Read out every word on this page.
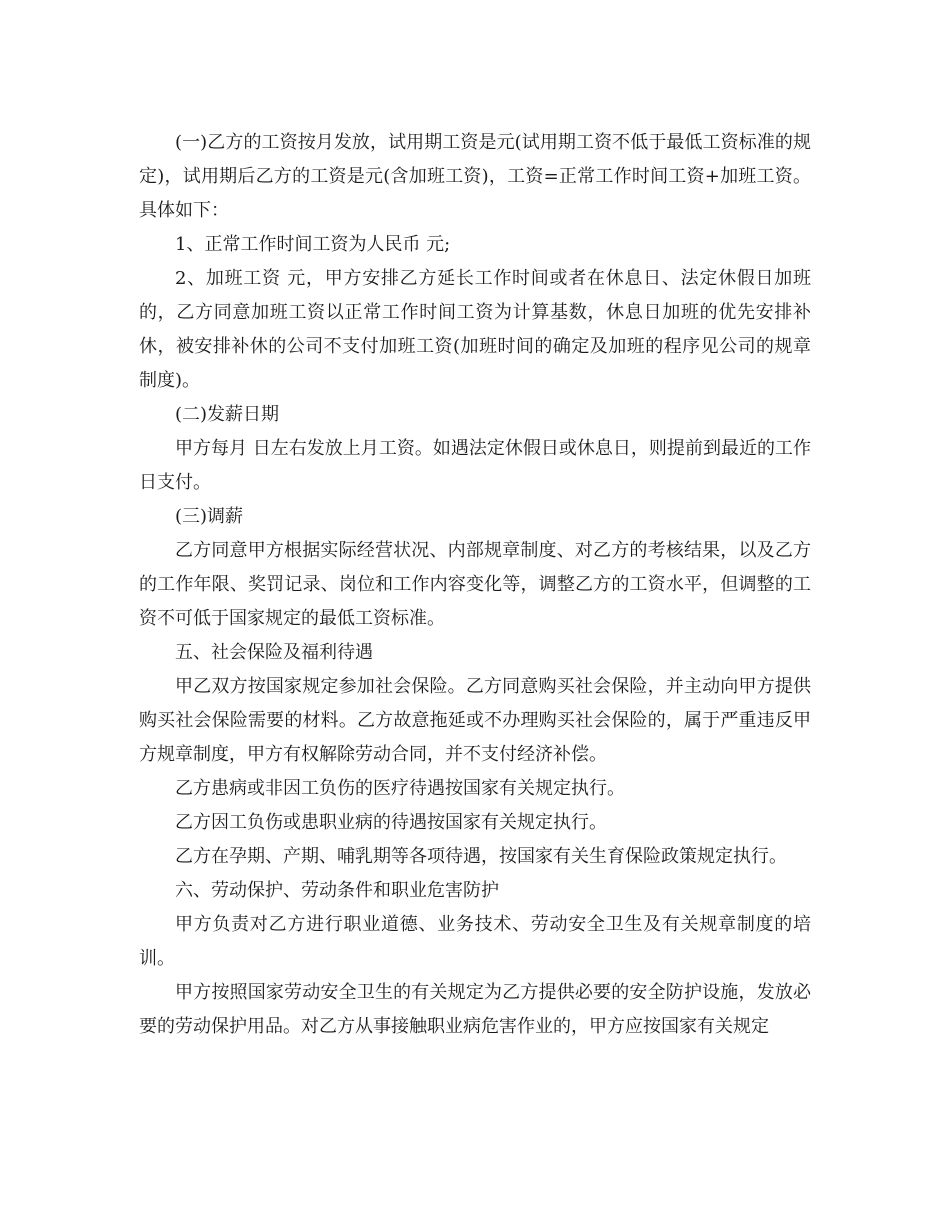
(一)乙方的工资按月发放，试用期工资是元(试用期工资不低于最低工资标准的规定)，试用期后乙方的工资是元(含加班工资)，工资=正常工作时间工资+加班工资。具体如下：

1、正常工作时间工资为人民币 元;

2、加班工资 元，甲方安排乙方延长工作时间或者在休息日、法定休假日加班的，乙方同意加班工资以正常工作时间工资为计算基数，休息日加班的优先安排补休，被安排补休的公司不支付加班工资(加班时间的确定及加班的程序见公司的规章制度)。

(二)发薪日期

甲方每月 日左右发放上月工资。如遇法定休假日或休息日，则提前到最近的工作日支付。

(三)调薪

乙方同意甲方根据实际经营状况、内部规章制度、对乙方的考核结果，以及乙方的工作年限、奖罚记录、岗位和工作内容变化等，调整乙方的工资水平，但调整的工资不可低于国家规定的最低工资标准。

五、社会保险及福利待遇

甲乙双方按国家规定参加社会保险。乙方同意购买社会保险，并主动向甲方提供购买社会保险需要的材料。乙方故意拖延或不办理购买社会保险的，属于严重违反甲方规章制度，甲方有权解除劳动合同，并不支付经济补偿。

乙方患病或非因工负伤的医疗待遇按国家有关规定执行。

乙方因工负伤或患职业病的待遇按国家有关规定执行。

乙方在孕期、产期、哺乳期等各项待遇，按国家有关生育保险政策规定执行。

六、劳动保护、劳动条件和职业危害防护

甲方负责对乙方进行职业道德、业务技术、劳动安全卫生及有关规章制度的培训。

甲方按照国家劳动安全卫生的有关规定为乙方提供必要的安全防护设施，发放必要的劳动保护用品。对乙方从事接触职业病危害作业的，甲方应按国家有关规定
